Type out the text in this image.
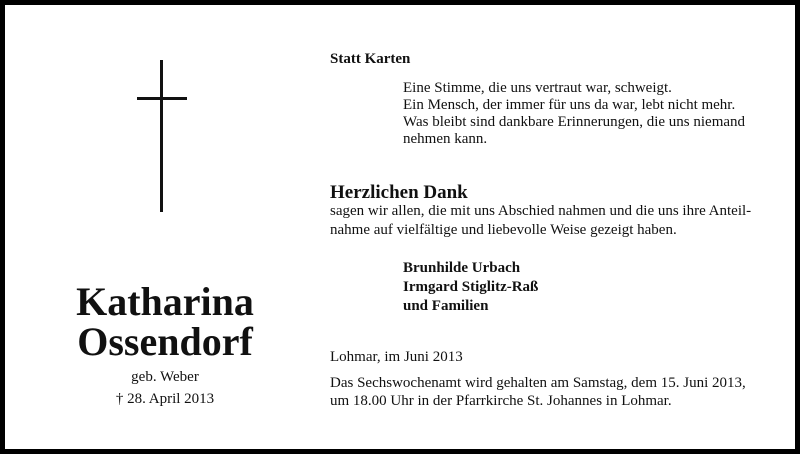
Katharina
Ossendorf
geb. Weber
† 28. April 2013
Statt Karten
Eine Stimme, die uns vertraut war, schweigt.
Ein Mensch, der immer für uns da war, lebt nicht mehr.
Was bleibt sind dankbare Erinnerungen, die uns niemand
nehmen kann.
Herzlichen Dank
sagen wir allen, die mit uns Abschied nahmen und die uns ihre Anteil-
nahme auf vielfältige und liebevolle Weise gezeigt haben.
Brunhilde Urbach
Irmgard Stiglitz-Raß
und Familien
Lohmar, im Juni 2013
Das Sechswochenamt wird gehalten am Samstag, dem 15. Juni 2013,
um 18.00 Uhr in der Pfarrkirche St. Johannes in Lohmar.
